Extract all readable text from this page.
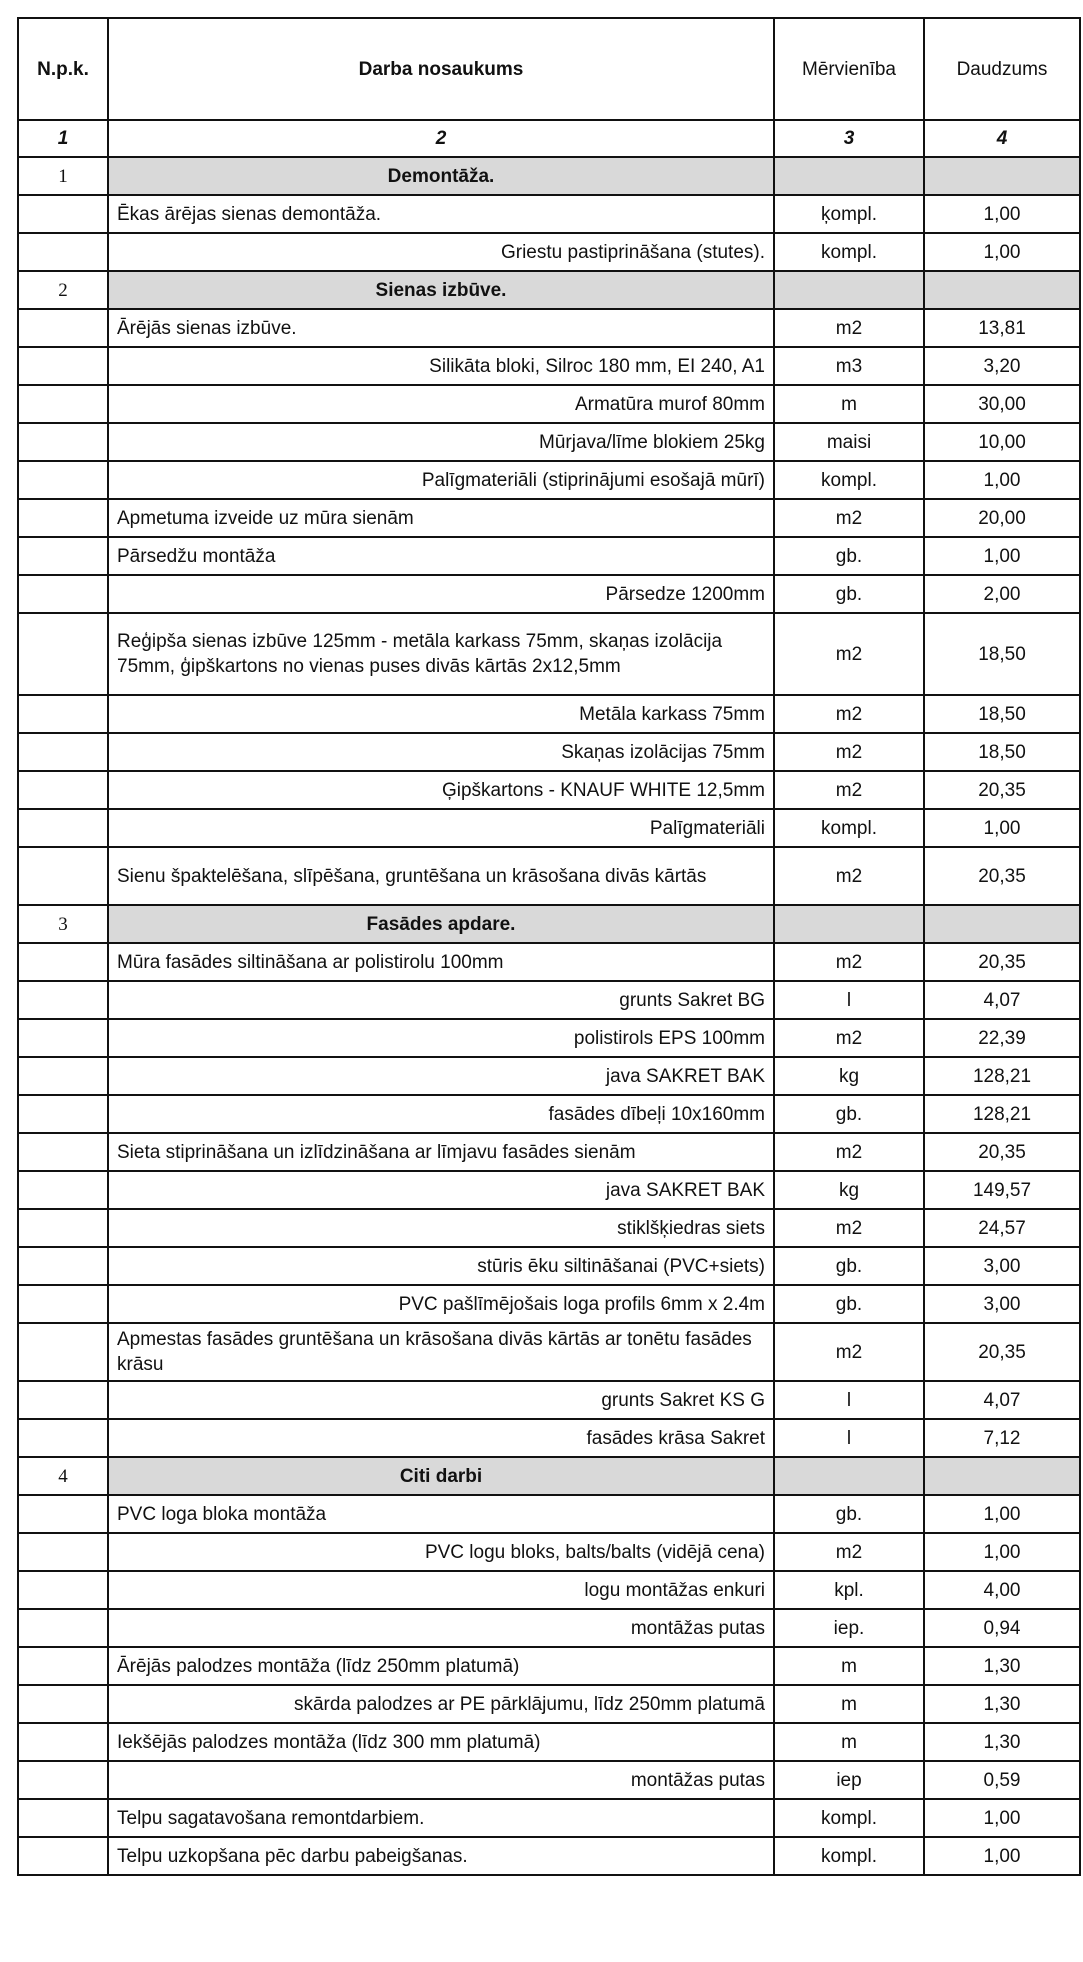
N.p.k.	Darba nosaukums	Mērvienība	Daudzums
1	2	3	4
1	Demontāža.		
	Ēkas ārējas sienas demontāža.	ķompl.	1,00
	Griestu pastiprināšana (stutes).	kompl.	1,00
2	Sienas izbūve.		
	Ārējās sienas izbūve.	m2	13,81
	Silikāta bloki, Silroc 180 mm, EI 240, A1	m3	3,20
	Armatūra murof 80mm	m	30,00
	Mūrjava/līme blokiem 25kg	maisi	10,00
	Palīgmateriāli (stiprinājumi esošajā mūrī)	kompl.	1,00
	Apmetuma izveide uz mūra sienām	m2	20,00
	Pārsedžu montāža	gb.	1,00
	Pārsedze 1200mm	gb.	2,00
	Reģipša sienas izbūve 125mm - metāla karkass 75mm, skaņas izolācija 75mm, ģipškartons no vienas puses divās kārtās 2x12,5mm	m2	18,50
	Metāla karkass 75mm	m2	18,50
	Skaņas izolācijas 75mm	m2	18,50
	Ģipškartons - KNAUF WHITE 12,5mm	m2	20,35
	Palīgmateriāli	kompl.	1,00
	Sienu špaktelēšana, slīpēšana, gruntēšana un krāsošana divās kārtās	m2	20,35
3	Fasādes apdare.		
	Mūra fasādes siltināšana ar polistirolu 100mm	m2	20,35
	grunts Sakret BG	l	4,07
	polistirols EPS 100mm	m2	22,39
	java SAKRET BAK	kg	128,21
	fasādes dībeļi 10x160mm	gb.	128,21
	Sieta stiprināšana un izlīdzināšana ar līmjavu fasādes sienām	m2	20,35
	java SAKRET BAK	kg	149,57
	stiklšķiedras siets	m2	24,57
	stūris ēku siltināšanai (PVC+siets)	gb.	3,00
	PVC pašlīmējošais loga profils 6mm x 2.4m	gb.	3,00
	Apmestas fasādes gruntēšana un krāsošana divās kārtās ar tonētu fasādes krāsu	m2	20,35
	grunts Sakret KS G	l	4,07
	fasādes krāsa Sakret	l	7,12
4	Citi darbi		
	PVC loga bloka montāža	gb.	1,00
	PVC logu bloks, balts/balts (vidējā cena)	m2	1,00
	logu montāžas enkuri	kpl.	4,00
	montāžas putas	iep.	0,94
	Ārējās palodzes montāža (līdz 250mm platumā)	m	1,30
	skārda palodzes ar PE pārklājumu, līdz 250mm platumā	m	1,30
	Iekšējās palodzes montāža (līdz 300 mm platumā)	m	1,30
	montāžas putas	iep	0,59
	Telpu sagatavošana remontdarbiem.	kompl.	1,00
	Telpu uzkopšana pēc darbu pabeigšanas.	kompl.	1,00
